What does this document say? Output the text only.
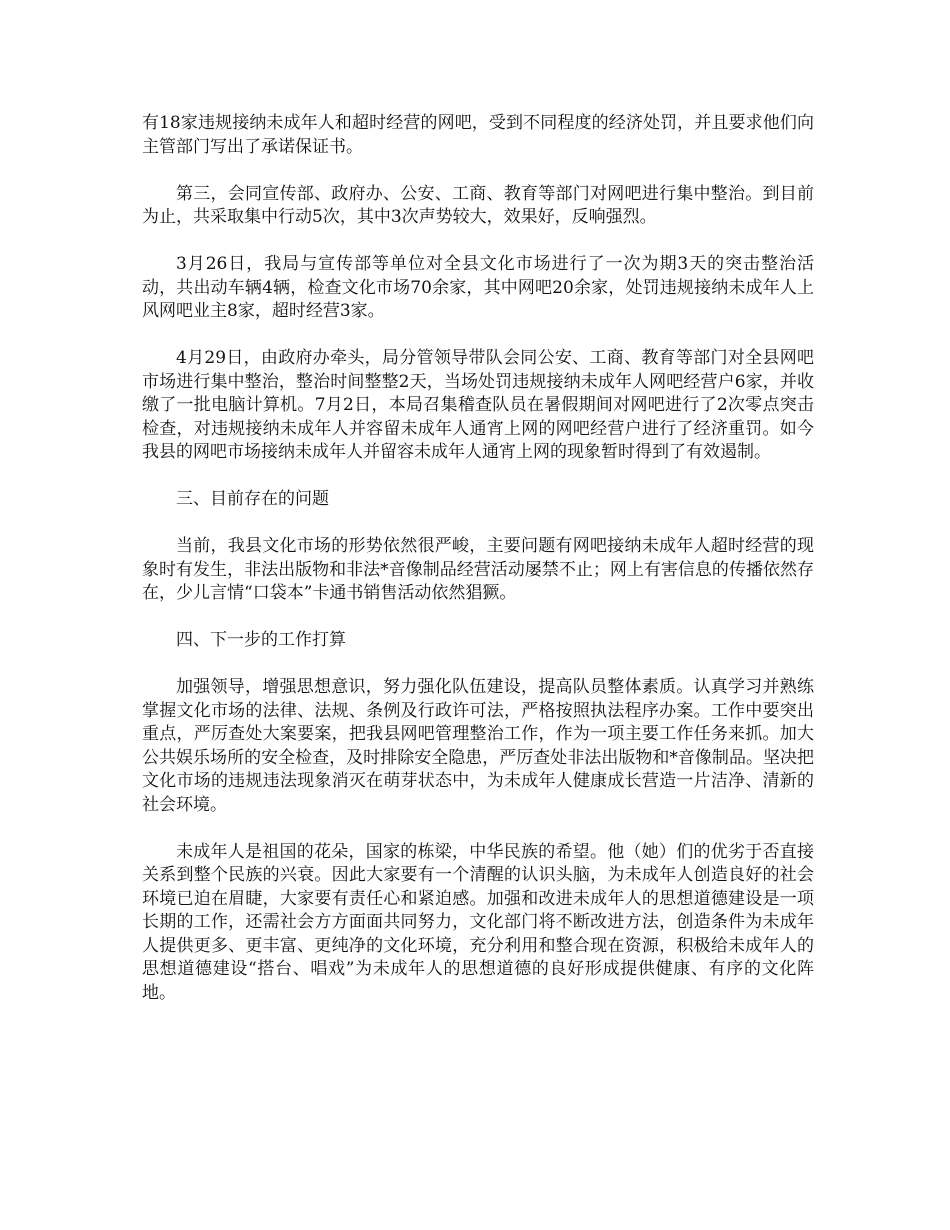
有18家违规接纳未成年人和超时经营的网吧，受到不同程度的经济处罚，并且要求他们向主管部门写出了承诺保证书。

第三，会同宣传部、政府办、公安、工商、教育等部门对网吧进行集中整治。到目前为止，共采取集中行动5次，其中3次声势较大，效果好，反响强烈。

3月26日，我局与宣传部等单位对全县文化市场进行了一次为期3天的突击整治活动，共出动车辆4辆，检查文化市场70余家，其中网吧20余家，处罚违规接纳未成年人上风网吧业主8家，超时经营3家。

4月29日，由政府办牵头，局分管领导带队会同公安、工商、教育等部门对全县网吧市场进行集中整治，整治时间整整2天，当场处罚违规接纳未成年人网吧经营户6家，并收缴了一批电脑计算机。7月2日，本局召集稽查队员在暑假期间对网吧进行了2次零点突击检查，对违规接纳未成年人并容留未成年人通宵上网的网吧经营户进行了经济重罚。如今我县的网吧市场接纳未成年人并留容未成年人通宵上网的现象暂时得到了有效遏制。

三、目前存在的问题

当前，我县文化市场的形势依然很严峻，主要问题有网吧接纳未成年人超时经营的现象时有发生，非法出版物和非法*音像制品经营活动屡禁不止；网上有害信息的传播依然存在，少儿言情“口袋本”卡通书销售活动依然猖獗。

四、下一步的工作打算

加强领导，增强思想意识，努力强化队伍建设，提高队员整体素质。认真学习并熟练掌握文化市场的法律、法规、条例及行政许可法，严格按照执法程序办案。工作中要突出重点，严厉查处大案要案，把我县网吧管理整治工作，作为一项主要工作任务来抓。加大公共娱乐场所的安全检查，及时排除安全隐患，严厉查处非法出版物和*音像制品。坚决把文化市场的违规违法现象消灭在萌芽状态中，为未成年人健康成长营造一片洁净、清新的社会环境。

未成年人是祖国的花朵，国家的栋梁，中华民族的希望。他（她）们的优劣于否直接关系到整个民族的兴衰。因此大家要有一个清醒的认识头脑，为未成年人创造良好的社会环境已迫在眉睫，大家要有责任心和紧迫感。加强和改进未成年人的思想道德建设是一项长期的工作，还需社会方方面面共同努力，文化部门将不断改进方法，创造条件为未成年人提供更多、更丰富、更纯净的文化环境，充分利用和整合现在资源，积极给未成年人的思想道德建设“搭台、唱戏”为未成年人的思想道德的良好形成提供健康、有序的文化阵地。
